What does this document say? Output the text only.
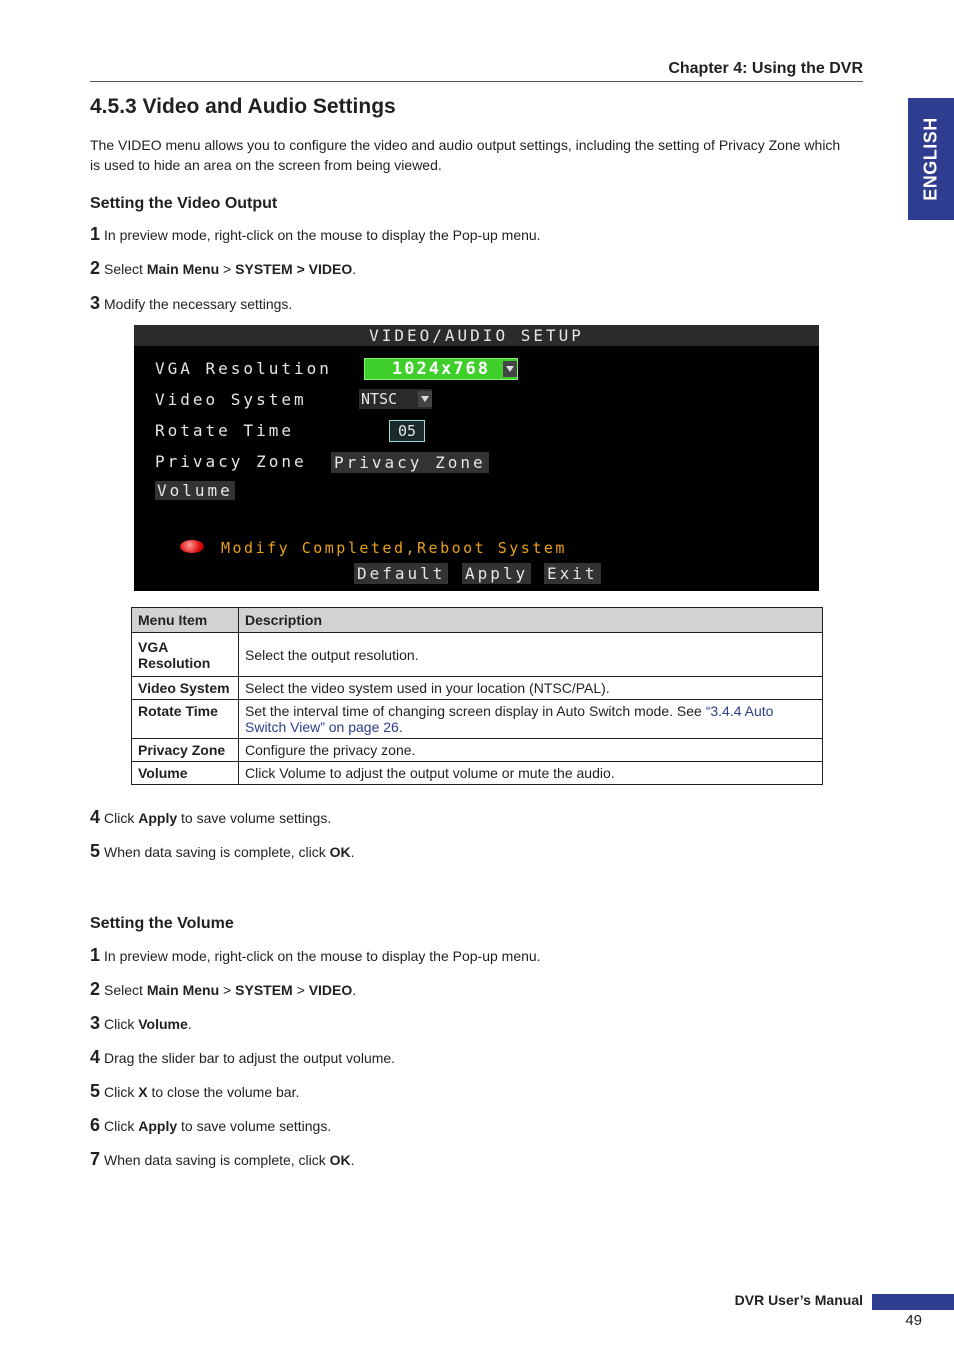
Chapter 4: Using the DVR
ENGLISH
4.5.3 Video and Audio Settings

The VIDEO menu allows you to configure the video and audio output settings, including the setting of Privacy Zone which is used to hide an area on the screen from being viewed.

Setting the Video Output
1 In preview mode, right-click on the mouse to display the Pop-up menu.
2 Select Main Menu > SYSTEM > VIDEO.
3 Modify the necessary settings.
VIDEO/AUDIO SETUP
VGA Resolution	1024x768
Video System	NTSC
Rotate Time	05
Privacy Zone Privacy Zone
Volume
Modify Completed,Reboot System
Default Apply Exit
Menu Item	Description
VGA Resolution	Select the output resolution.
Video System	Select the video system used in your location (NTSC/PAL).
Rotate Time	Set the interval time of changing screen display in Auto Switch mode. See “3.4.4 Auto Switch View” on page 26.
Privacy Zone	Configure the privacy zone.
Volume	Click Volume to adjust the output volume or mute the audio.
4 Click Apply to save volume settings.
5 When data saving is complete, click OK.
Setting the Volume
1 In preview mode, right-click on the mouse to display the Pop-up menu.
2 Select Main Menu > SYSTEM > VIDEO.
3 Click Volume.
4 Drag the slider bar to adjust the output volume.
5 Click X to close the volume bar.
6 Click Apply to save volume settings.
7 When data saving is complete, click OK.
DVR User’s Manual
49
